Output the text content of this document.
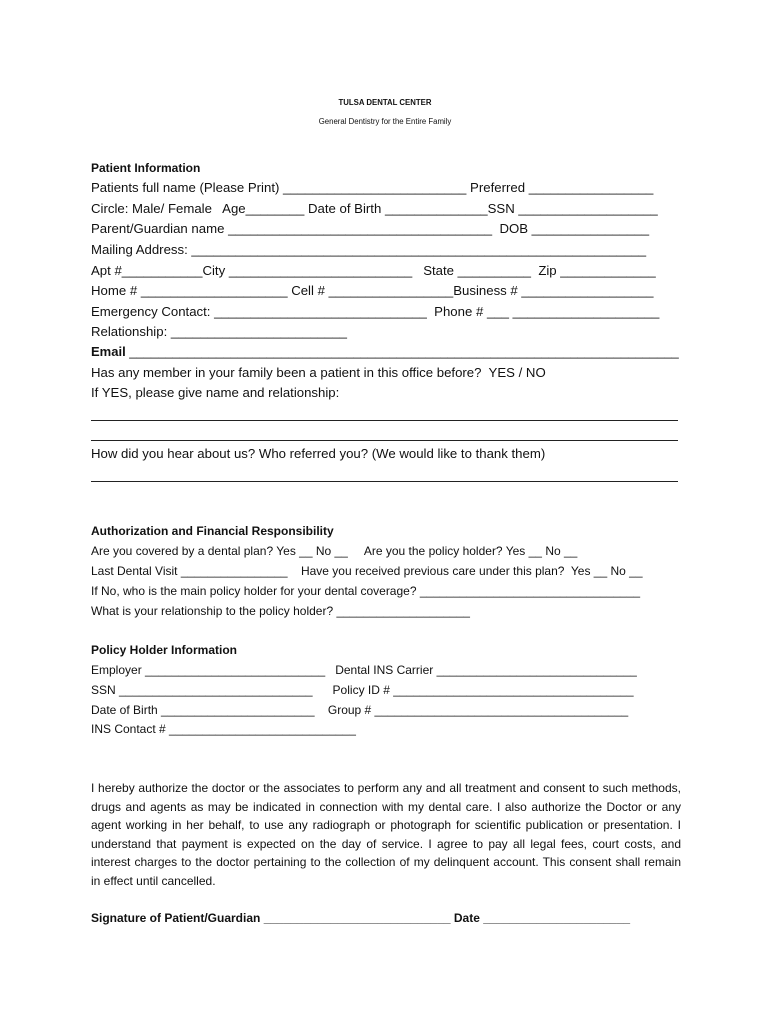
TULSA DENTAL CENTER
General Dentistry for the Entire Family
Patient Information
Patients full name (Please Print) _________________________ Preferred _________________
Circle: Male/ Female   Age________ Date of Birth ______________SSN ___________________
Parent/Guardian name ____________________________________  DOB ________________
Mailing Address: ______________________________________________________________
Apt #___________City _________________________   State __________  Zip _____________
Home # ____________________ Cell # _________________Business # __________________
Emergency Contact: _____________________________  Phone # ___ ____________________
Relationship: ________________________
Email ____________________________________________________________________________
Has any member in your family been a patient in this office before?  YES / NO
If YES, please give name and relationship:
How did you hear about us? Who referred you? (We would like to thank them)
Authorization and Financial Responsibility
Are you covered by a dental plan? Yes __ No __     Are you the policy holder? Yes __ No __
Last Dental Visit ________________    Have you received previous care under this plan?  Yes __ No __
If No, who is the main policy holder for your dental coverage? _________________________________
What is your relationship to the policy holder? ____________________
Policy Holder Information
Employer ___________________________   Dental INS Carrier ______________________________
SSN _____________________________      Policy ID # ____________________________________
Date of Birth _______________________    Group # ______________________________________
INS Contact # ____________________________
I hereby authorize the doctor or the associates to perform any and all treatment and consent to such methods, drugs and agents as may be indicated in connection with my dental care. I also authorize the Doctor or any agent working in her behalf, to use any radiograph or photograph for scientific publication or presentation. I understand that payment is expected on the day of service. I agree to pay all legal fees, court costs, and interest charges to the doctor pertaining to the collection of my delinquent account. This consent shall remain in effect until cancelled.
Signature of Patient/Guardian ____________________________ Date ______________________
